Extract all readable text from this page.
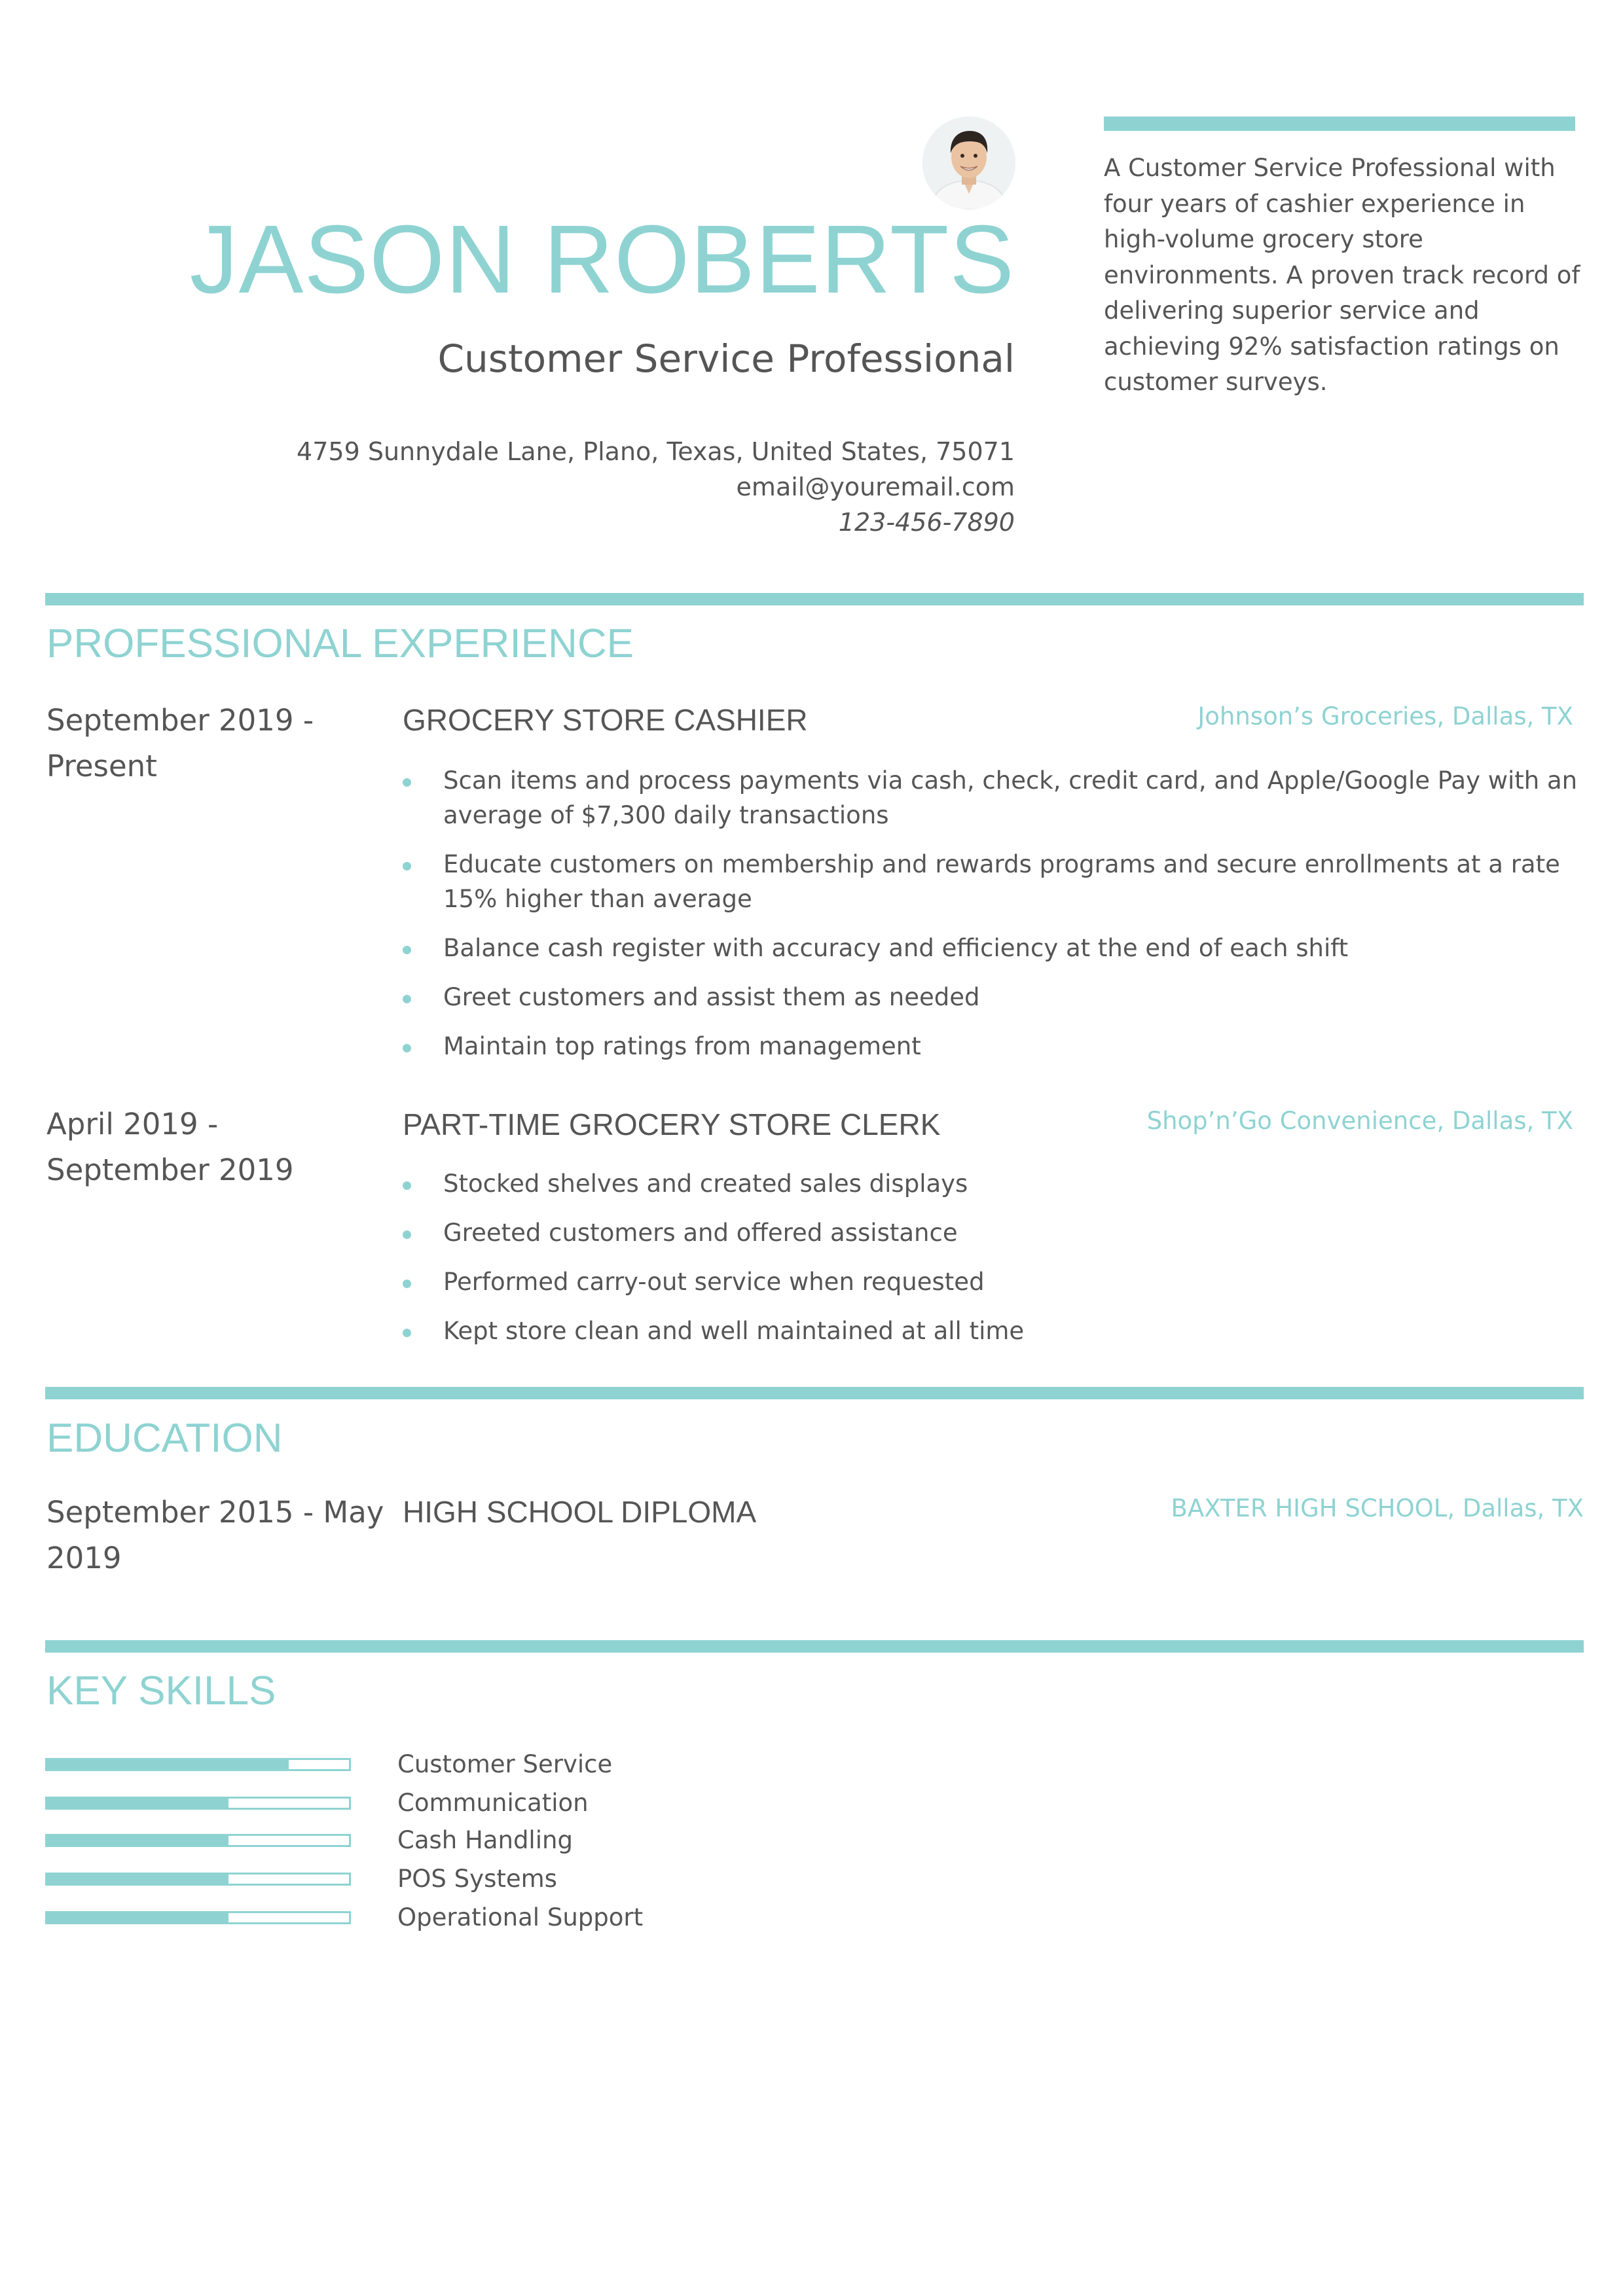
JASON ROBERTS
Customer Service Professional
4759 Sunnydale Lane, Plano, Texas, United States, 75071
email@youremail.com
123-456-7890
A Customer Service Professional with four years of cashier experience in high-volume grocery store environments. A proven track record of delivering superior service and achieving 92% satisfaction ratings on customer surveys.
PROFESSIONAL EXPERIENCE
September 2019 - Present
GROCERY STORE CASHIER	Johnson’s Groceries, Dallas, TX
Scan items and process payments via cash, check, credit card, and Apple/Google Pay with an average of $7,300 daily transactions
Educate customers on membership and rewards programs and secure enrollments at a rate 15% higher than average
Balance cash register with accuracy and efficiency at the end of each shift
Greet customers and assist them as needed
Maintain top ratings from management
April 2019 - September 2019
PART-TIME GROCERY STORE CLERK	Shop’n’Go Convenience, Dallas, TX
Stocked shelves and created sales displays
Greeted customers and offered assistance
Performed carry-out service when requested
Kept store clean and well maintained at all time
EDUCATION
September 2015 - May 2019
HIGH SCHOOL DIPLOMA	BAXTER HIGH SCHOOL, Dallas, TX
KEY SKILLS
Customer Service
Communication
Cash Handling
POS Systems
Operational Support
